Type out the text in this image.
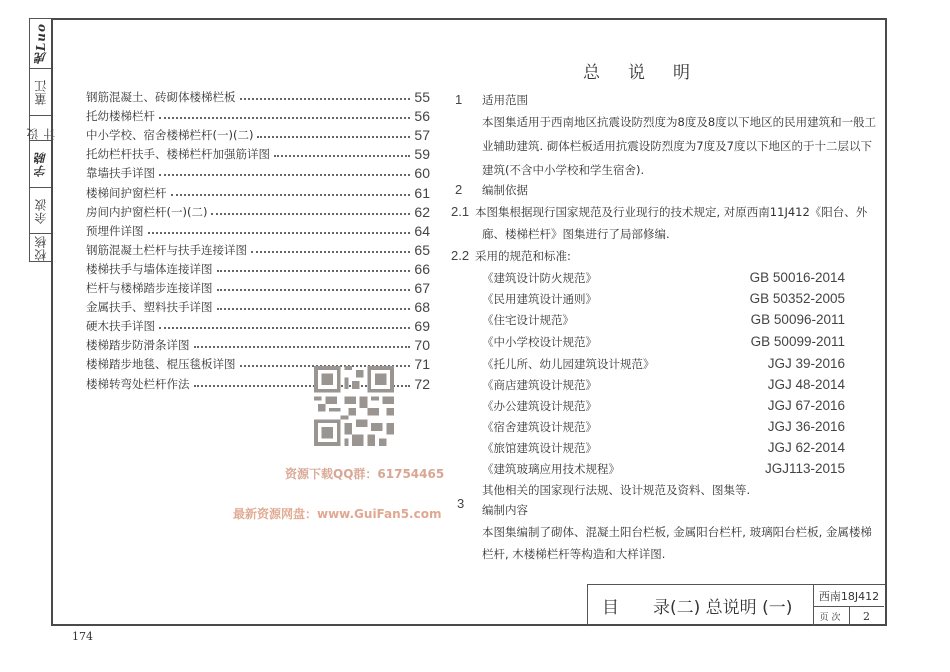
虎Luo
董江
设计
字晓
余波
校核
钢筋混凝土、砖砌体楼梯栏板	55
托幼楼梯栏杆	56
中小学校、宿舍楼梯栏杆(一)(二)	57
托幼栏杆扶手、楼梯栏杆加强筋详图	59
靠墙扶手详图	60
楼梯间护窗栏杆	61
房间内护窗栏杆(一)(二)	62
预埋件详图	64
钢筋混凝土栏杆与扶手连接详图	65
楼梯扶手与墙体连接详图	66
栏杆与楼梯踏步连接详图	67
金属扶手、塑料扶手详图	68
硬木扶手详图	69
楼梯踏步防滑条详图	70
楼梯踏步地毯、棍压毯板详图	71
楼梯转弯处栏杆作法	72
资源下载QQ群：61754465
最新资源网盘：www.GuiFan5.com
总说明
1 适用范围
本图集适用于西南地区抗震设防烈度为8度及8度以下地区的民用建筑和一般工
业辅助建筑. 砌体栏板适用抗震设防烈度为7度及7度以下地区的于十二层以下
建筑(不含中小学校和学生宿舍).
2 编制依据
2.1 本图集根据现行国家规范及行业现行的技术规定, 对原西南11J412《阳台、外
廊、楼梯栏杆》图集进行了局部修编.
2.2 采用的规范和标准:
《建筑设计防火规范》	GB 50016-2014
《民用建筑设计通则》	GB 50352-2005
《住宅设计规范》	GB 50096-2011
《中小学校设计规范》	GB 50099-2011
《托儿所、幼儿园建筑设计规范》	JGJ 39-2016
《商店建筑设计规范》	JGJ 48-2014
《办公建筑设计规范》	JGJ 67-2016
《宿舍建筑设计规范》	JGJ 36-2016
《旅馆建筑设计规范》	JGJ 62-2014
《建筑玻璃应用技术规程》	JGJ113-2015
其他相关的国家现行法规、设计规范及资料、图集等.
3 编制内容
本图集编制了砌体、混凝土阳台栏板, 金属阳台栏杆, 玻璃阳台栏板, 金属楼梯
栏杆, 木楼梯栏杆等构造和大样详图.
目　　录(二) 总说明 (一)
西南18J412
页次	2
174
